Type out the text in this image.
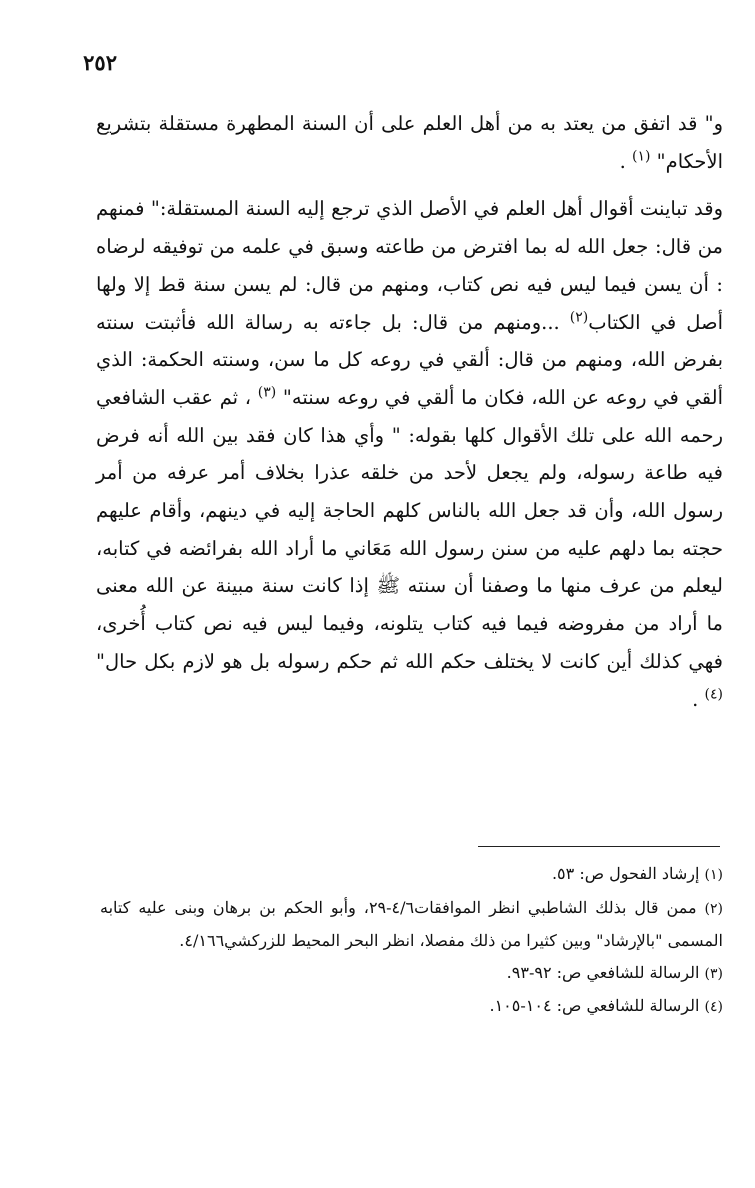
٢٥٢

و" قد اتفق من يعتد به من أهل العلم على أن السنة المطهرة مستقلة بتشريع الأحكام" $^{(١)}$ .

وقد تباينت أقوال أهل العلم في الأصل الذي ترجع إليه السنة المستقلة:" فمنهم من قال: جعل الله له بما افترض من طاعته وسبق في علمه من توفيقه لرضاه : أن يسن فيما ليس فيه نص كتاب، ومنهم من قال: لم يسن سنة قط إلا ولها أصل في الكتاب$^{(٢)}$ ...ومنهم من قال: بل جاءته به رسالة الله فأثبتت سنته بفرض الله، ومنهم من قال: ألقي في روعه كل ما سن، وسنته الحكمة: الذي ألقي في روعه عن الله، فكان ما ألقي في روعه سنته" $^{(٣)}$ ، ثم عقب الشافعي رحمه الله على تلك الأقوال كلها بقوله: " وأي هذا كان فقد بين الله أنه فرض فيه طاعة رسوله، ولم يجعل لأحد من خلقه عذرا بخلاف أمر عرفه من أمر رسول الله، وأن قد جعل الله بالناس كلهم الحاجة إليه في دينهم، وأقام عليهم حجته بما دلهم عليه من سنن رسول الله مَعَاني ما أراد الله بفرائضه في كتابه، ليعلم من عرف منها ما وصفنا أن سنته ﷺ إذا كانت سنة مبينة عن الله معنى ما أراد من مفروضه فيما فيه كتاب يتلونه، وفيما ليس فيه نص كتاب أُخرى، فهي كذلك أين كانت لا يختلف حكم الله ثم حكم رسوله بل هو لازم بكل حال" $^{(٤)}$ .

(١) إرشاد الفحول ص: ٥٣.

(٢) ممن قال بذلك الشاطبي انظر الموافقات٤/٦-٢٩، وأبو الحكم بن برهان وبنى عليه كتابه المسمى "بالإرشاد" وبين كثيرا من ذلك مفصلا، انظر البحر المحيط للزركشي٤/١٦٦.

(٣) الرسالة للشافعي ص: ٩٢-٩٣.

(٤) الرسالة للشافعي ص: ١٠٤-١٠٥.
